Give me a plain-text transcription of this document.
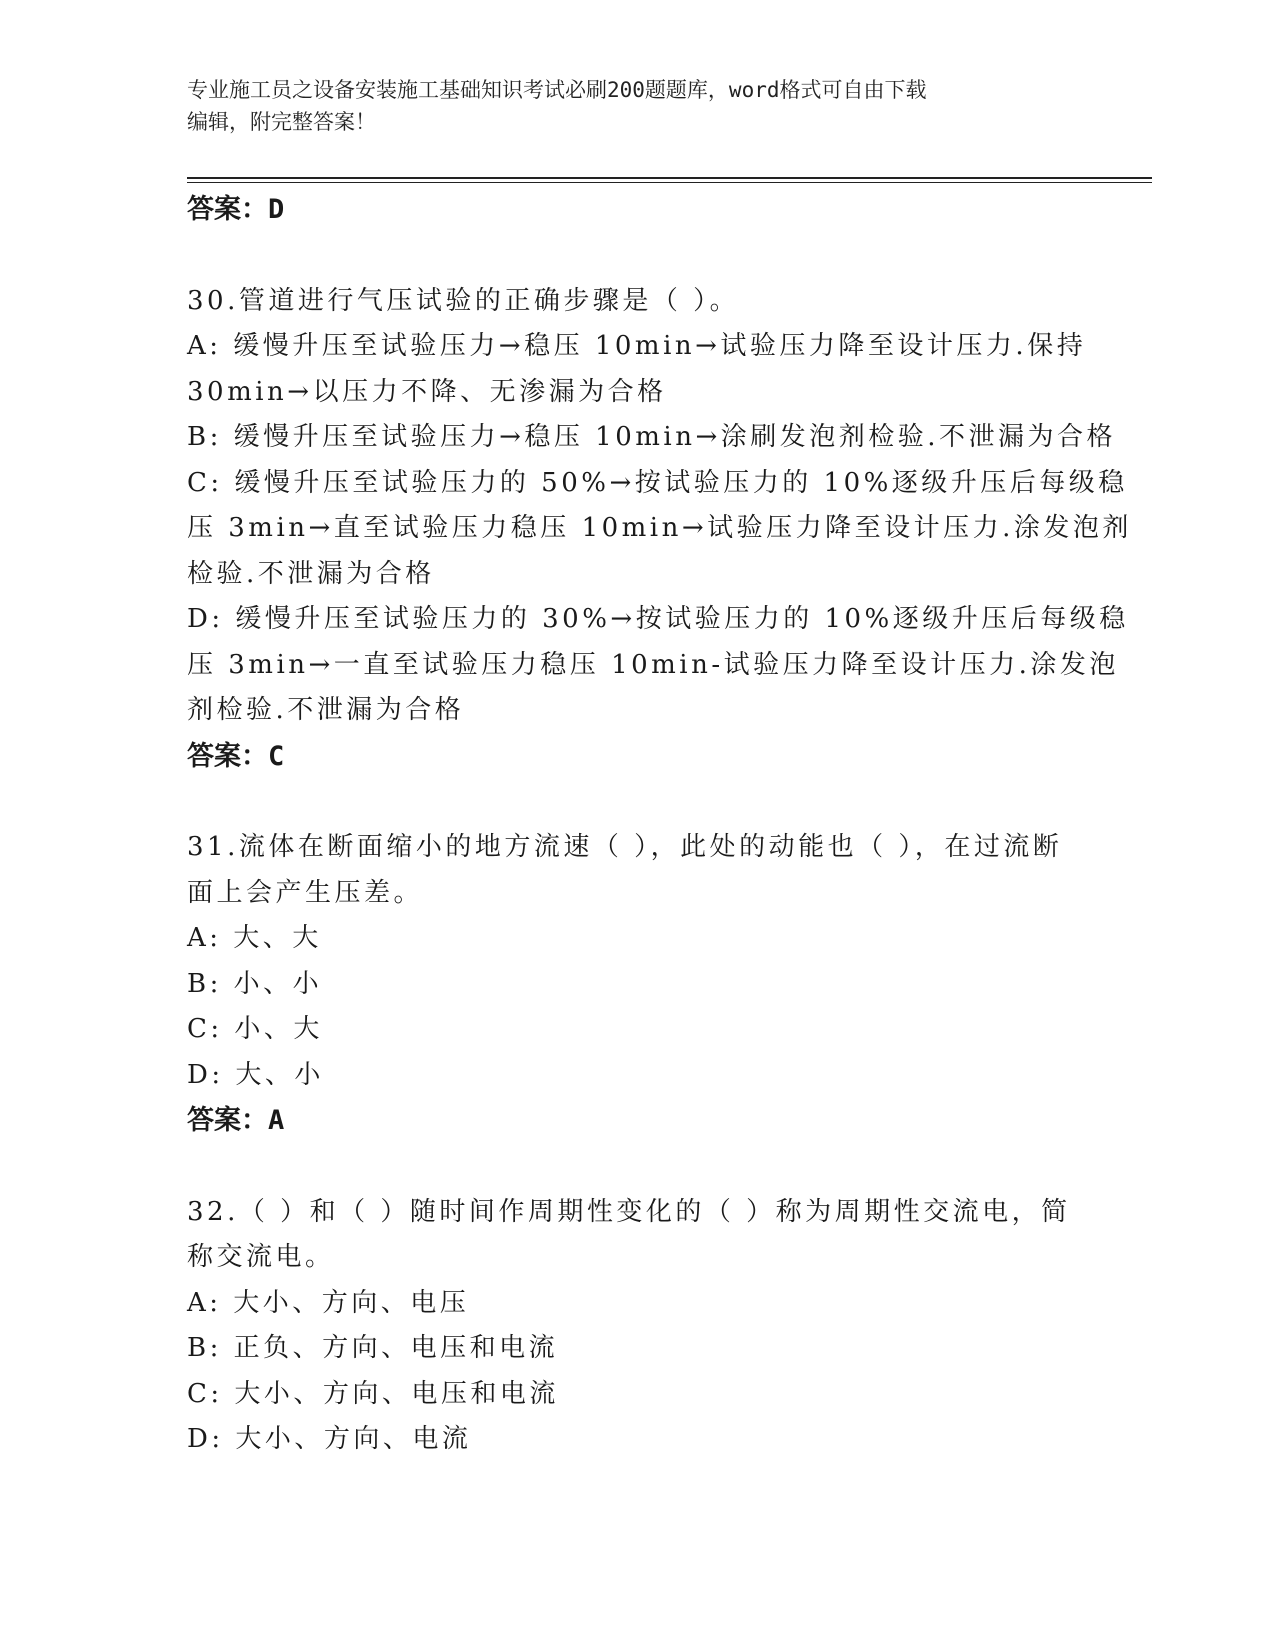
专业施工员之设备安装施工基础知识考试必刷200题题库，word格式可自由下载
编辑，附完整答案！
答案：D
30.管道进行气压试验的正确步骤是（ ）。
A: 缓慢升压至试验压力→稳压 10min→试验压力降至设计压力.保持
30min→以压力不降、无渗漏为合格
B: 缓慢升压至试验压力→稳压 10min→涂刷发泡剂检验.不泄漏为合格
C: 缓慢升压至试验压力的 50%→按试验压力的 10%逐级升压后每级稳
压 3min→直至试验压力稳压 10min→试验压力降至设计压力.涂发泡剂
检验.不泄漏为合格
D: 缓慢升压至试验压力的 30%→按试验压力的 10%逐级升压后每级稳
压 3min→一直至试验压力稳压 10min-试验压力降至设计压力.涂发泡
剂检验.不泄漏为合格
答案：C
31.流体在断面缩小的地方流速（ ），此处的动能也（ ），在过流断
面上会产生压差。
A: 大、大
B: 小、小
C: 小、大
D: 大、小
答案：A
32.（ ）和（ ）随时间作周期性变化的（ ）称为周期性交流电，简
称交流电。
A: 大小、方向、电压
B: 正负、方向、电压和电流
C: 大小、方向、电压和电流
D: 大小、方向、电流
